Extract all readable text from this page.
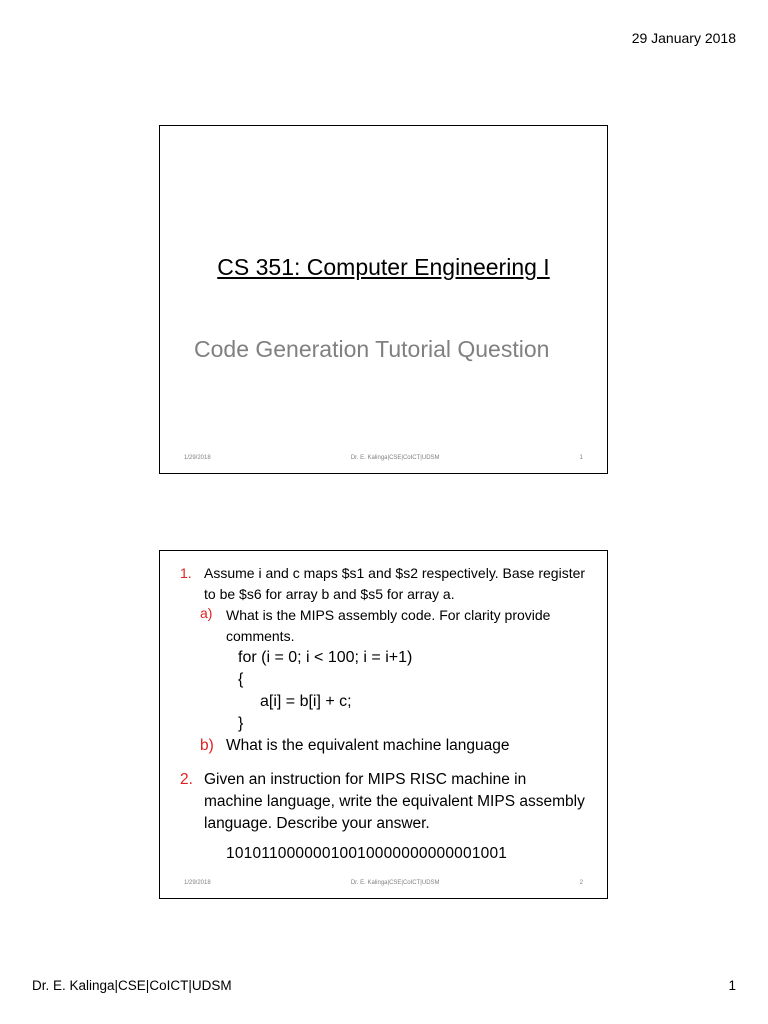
29 January 2018
CS 351: Computer Engineering I
Code Generation Tutorial Question
1/29/2018	Dr. E. Kalinga|CSE|CoICT|UDSM	1
1. Assume i and c maps $s1 and $s2 respectively. Base register to be $s6 for array b and $s5 for array a.
a) What is the MIPS assembly code. For clarity provide comments.
for (i = 0; i < 100; i = i+1)
{
a[i] = b[i] + c;
}
b) What is the equivalent machine language
2. Given an instruction for MIPS RISC machine in machine language, write the equivalent MIPS assembly language. Describe your answer.
10101100000010010000000000001001
1/29/2018	Dr. E. Kalinga|CSE|CoICT|UDSM	2
Dr. E. Kalinga|CSE|CoICT|UDSM	1
